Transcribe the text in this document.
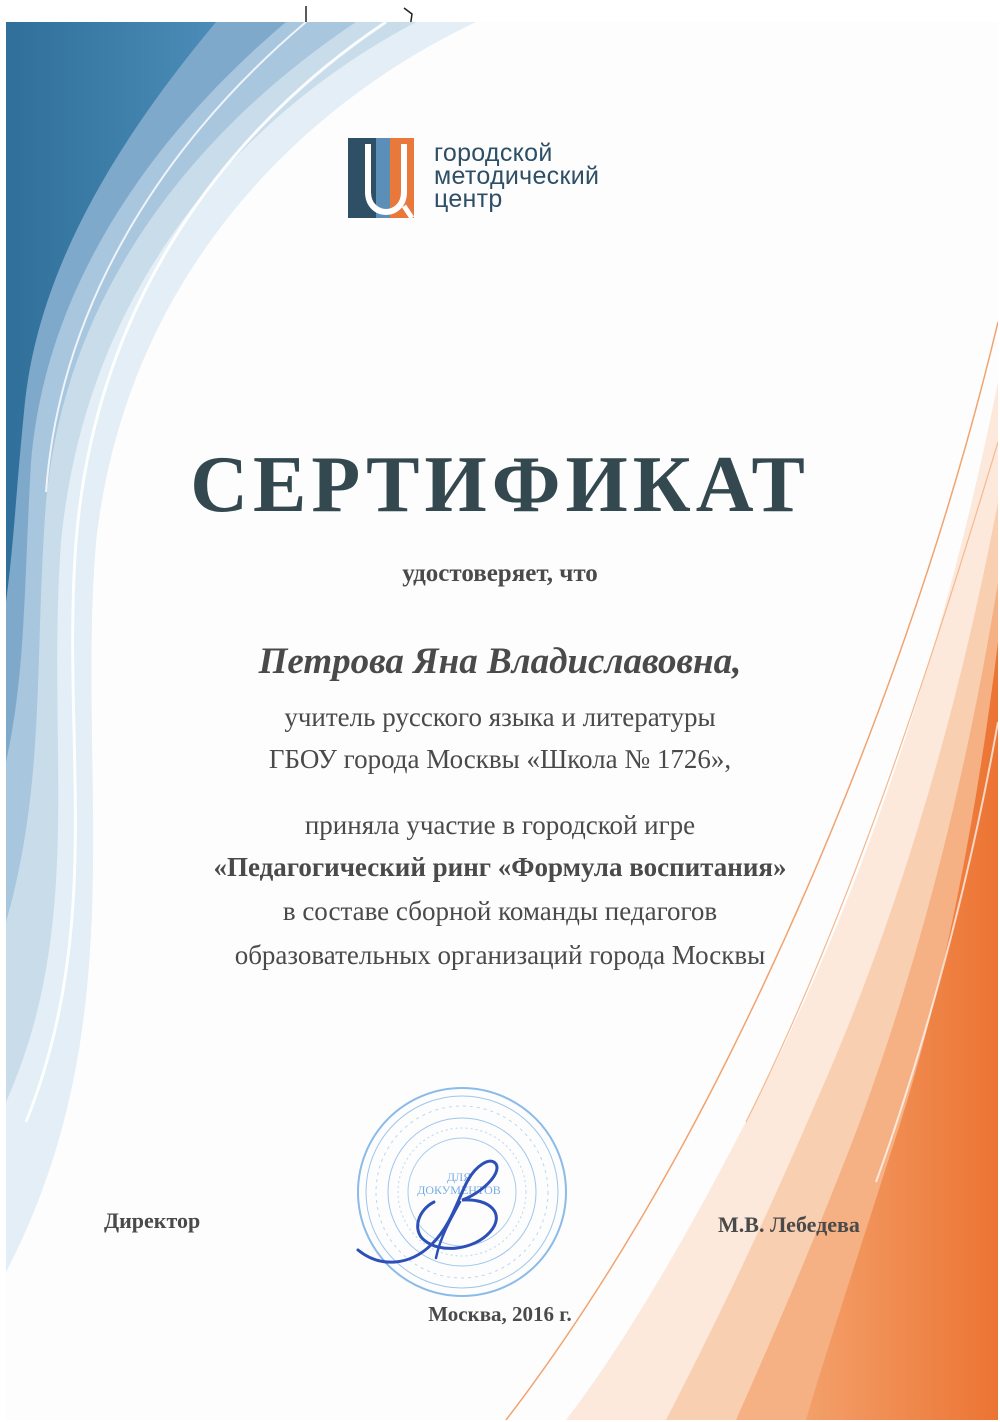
городской
методический
центр
СЕРТИФИКАТ
удостоверяет, что
Петрова Яна Владиславовна,
учитель русского языка и литературы
ГБОУ города Москвы «Школа № 1726»,
приняла участие в городской игре
«Педагогический ринг «Формула воспитания»
в составе сборной команды педагогов
образовательных организаций города Москвы
ДЛЯ
ДОКУМЕНТОВ
Директор	М.В. Лебедева
Москва, 2016 г.
